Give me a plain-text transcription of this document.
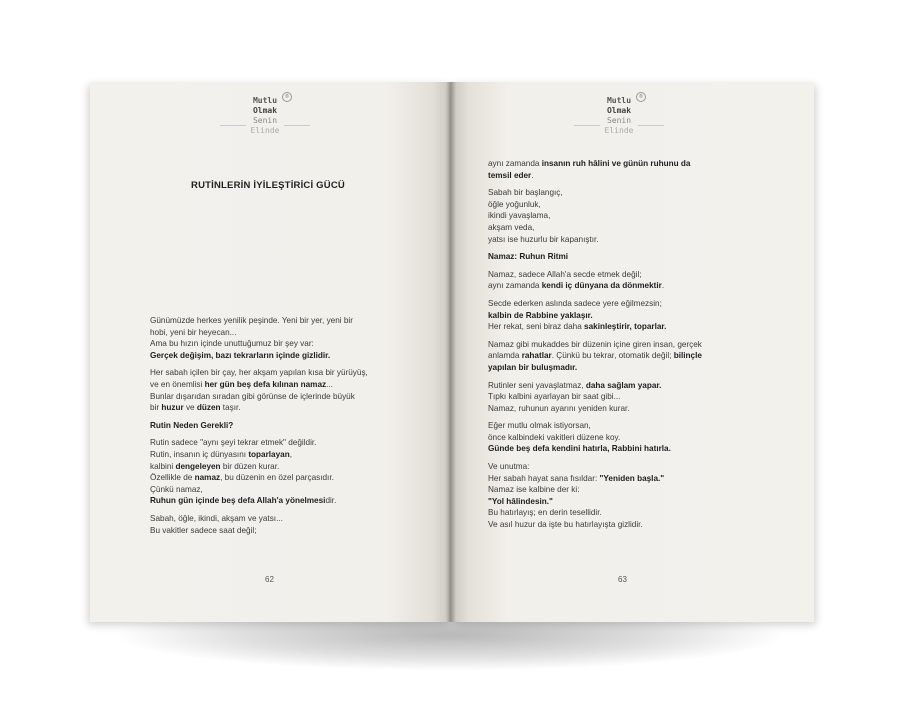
Mutlu
Olmak
Senin
Elinde
®
RUTİNLERİN İYİLEŞTİRİCİ GÜCÜ

Günümüzde herkes yenilik peşinde. Yeni bir yer, yeni bir
hobi, yeni bir heyecan...
Ama bu hızın içinde unuttuğumuz bir şey var:
Gerçek değişim, bazı tekrarların içinde gizlidir.

Her sabah içilen bir çay, her akşam yapılan kısa bir yürüyüş,
ve en önemlisi her gün beş defa kılınan namaz...
Bunlar dışarıdan sıradan gibi görünse de içlerinde büyük
bir huzur ve düzen taşır.

Rutin Neden Gerekli?

Rutin sadece "aynı şeyi tekrar etmek" değildir.
Rutin, insanın iç dünyasını toparlayan,
kalbini dengeleyen bir düzen kurar.
Özellikle de namaz, bu düzenin en özel parçasıdır.
Çünkü namaz,
Ruhun gün içinde beş defa Allah'a yönelmesidir.

Sabah, öğle, ikindi, akşam ve yatsı...
Bu vakitler sadece saat değil;

62
Mutlu
Olmak
Senin
Elinde
®

aynı zamanda insanın ruh hâlini ve günün ruhunu da
temsil eder.

Sabah bir başlangıç,
öğle yoğunluk,
ikindi yavaşlama,
akşam veda,
yatsı ise huzurlu bir kapanıştır.

Namaz: Ruhun Ritmi

Namaz, sadece Allah'a secde etmek değil;
aynı zamanda kendi iç dünyana da dönmektir.

Secde ederken aslında sadece yere eğilmezsin;
kalbin de Rabbine yaklaşır.
Her rekat, seni biraz daha sakinleştirir, toparlar.

Namaz gibi mukaddes bir düzenin içine giren insan, gerçek
anlamda rahatlar. Çünkü bu tekrar, otomatik değil; bilinçle
yapılan bir buluşmadır.

Rutinler seni yavaşlatmaz, daha sağlam yapar.
Tıpkı kalbini ayarlayan bir saat gibi...
Namaz, ruhunun ayarını yeniden kurar.

Eğer mutlu olmak istiyorsan,
önce kalbindeki vakitleri düzene koy.
Günde beş defa kendini hatırla, Rabbini hatırla.

Ve unutma:
Her sabah hayat sana fısıldar: "Yeniden başla."
Namaz ise kalbine der ki:
"Yol hâlindesin."
Bu hatırlayış; en derin tesellidir.
Ve asıl huzur da işte bu hatırlayışta gizlidir.

63
